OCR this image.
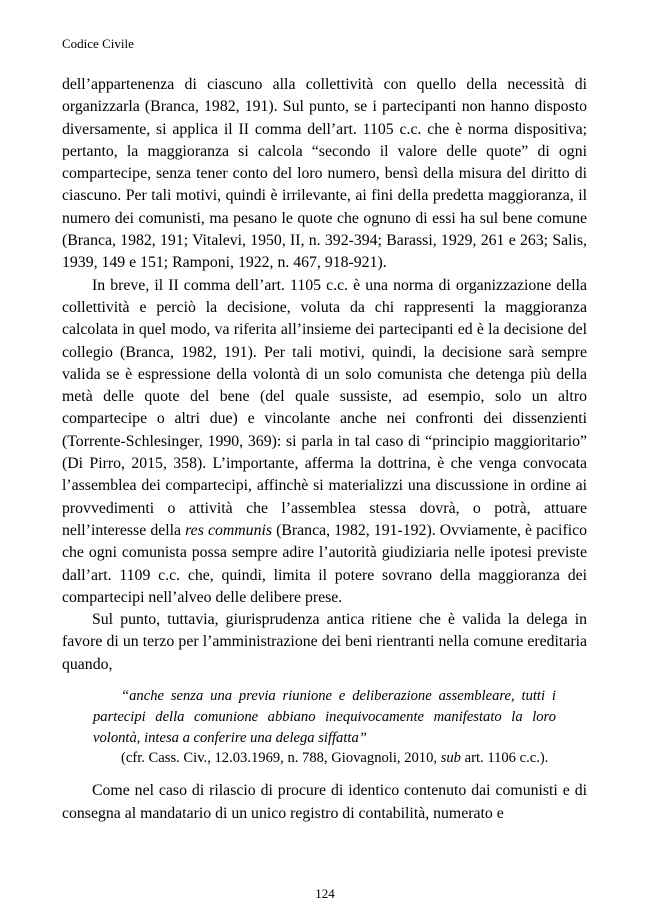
Codice Civile

dell’appartenenza di ciascuno alla collettività con quello della necessità di organizzarla (Branca, 1982, 191). Sul punto, se i partecipanti non hanno disposto diversamente, si applica il II comma dell’art. 1105 c.c. che è norma dispositiva; pertanto, la maggioranza si calcola “secondo il valore delle quote” di ogni compartecipe, senza tener conto del loro numero, bensì della misura del diritto di ciascuno. Per tali motivi, quindi è irrilevante, ai fini della predetta maggioranza, il numero dei comunisti, ma pesano le quote che ognuno di essi ha sul bene comune (Branca, 1982, 191; Vitalevi, 1950, II, n. 392-394; Barassi, 1929, 261 e 263; Salis, 1939, 149 e 151; Ramponi, 1922, n. 467, 918-921).

In breve, il II comma dell’art. 1105 c.c. è una norma di organizzazione della collettività e perciò la decisione, voluta da chi rappresenti la maggioranza calcolata in quel modo, va riferita all’insieme dei partecipanti ed è la decisione del collegio (Branca, 1982, 191). Per tali motivi, quindi, la decisione sarà sempre valida se è espressione della volontà di un solo comunista che detenga più della metà delle quote del bene (del quale sussiste, ad esempio, solo un altro compartecipe o altri due) e vincolante anche nei confronti dei dissenzienti (Torrente-Schlesinger, 1990, 369): si parla in tal caso di “principio maggioritario” (Di Pirro, 2015, 358). L’importante, afferma la dottrina, è che venga convocata l’assemblea dei compartecipi, affinchè si materializzi una discussione in ordine ai provvedimenti o attività che l’assemblea stessa dovrà, o potrà, attuare nell’interesse della res communis (Branca, 1982, 191-192). Ovviamente, è pacifico che ogni comunista possa sempre adire l’autorità giudiziaria nelle ipotesi previste dall’art. 1109 c.c. che, quindi, limita il potere sovrano della maggioranza dei compartecipi nell’alveo delle delibere prese.

Sul punto, tuttavia, giurisprudenza antica ritiene che è valida la delega in favore di un terzo per l’amministrazione dei beni rientranti nella comune ereditaria quando,

“anche senza una previa riunione e deliberazione assembleare, tutti i partecipi della comunione abbiano inequivocamente manifestato la loro volontà, intesa a conferire una delega siffatta”

(cfr. Cass. Civ., 12.03.1969, n. 788, Giovagnoli, 2010, sub art. 1106 c.c.).

Come nel caso di rilascio di procure di identico contenuto dai comunisti e di consegna al mandatario di un unico registro di contabilità, numerato e

124
